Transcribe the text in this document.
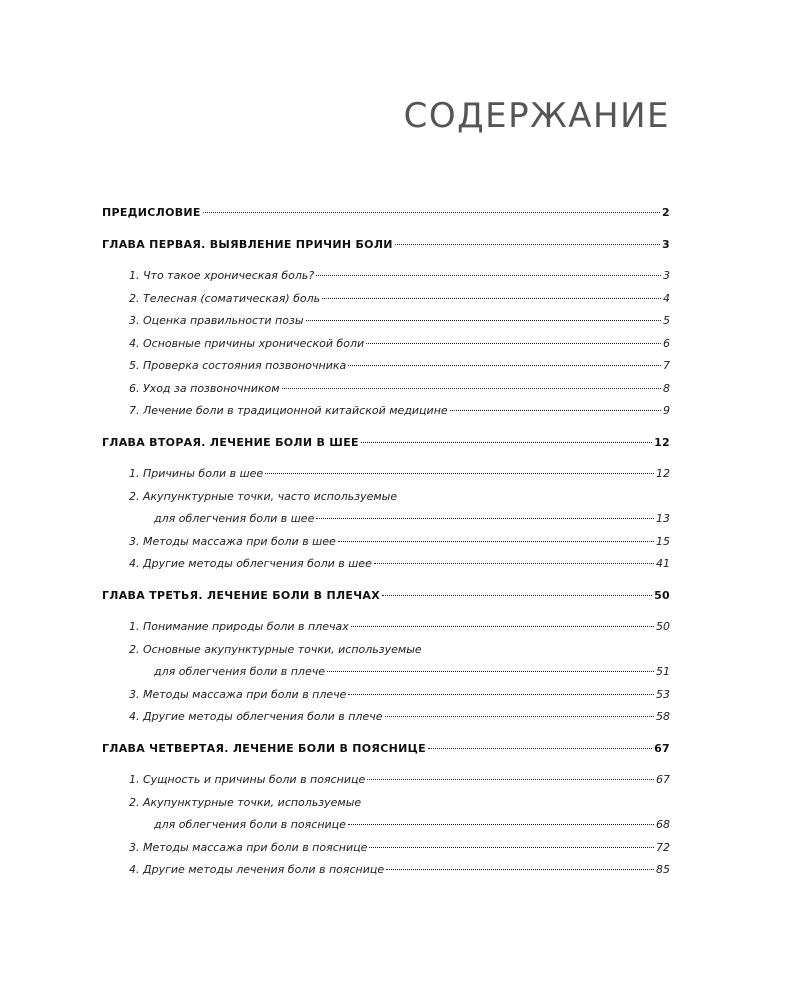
СОДЕРЖАНИЕ
ПРЕДИСЛОВИЕ	2
ГЛАВА ПЕРВАЯ. ВЫЯВЛЕНИЕ ПРИЧИН БОЛИ	3
1. Что такое хроническая боль?	3
2. Телесная (соматическая) боль	4
3. Оценка правильности позы	5
4. Основные причины хронической боли	6
5. Проверка состояния позвоночника	7
6. Уход за позвоночником	8
7. Лечение боли в традиционной китайской медицине	9
ГЛАВА ВТОРАЯ. ЛЕЧЕНИЕ БОЛИ В ШЕЕ	12
1. Причины боли в шее	12
2. Акупунктурные точки, часто используемые
для облегчения боли в шее	13
3. Методы массажа при боли в шее	15
4. Другие методы облегчения боли в шее	41
ГЛАВА ТРЕТЬЯ. ЛЕЧЕНИЕ БОЛИ В ПЛЕЧАХ	50
1. Понимание природы боли в плечах	50
2. Основные акупунктурные точки, используемые
для облегчения боли в плече	51
3. Методы массажа при боли в плече	53
4. Другие методы облегчения боли в плече	58
ГЛАВА ЧЕТВЕРТАЯ. ЛЕЧЕНИЕ БОЛИ В ПОЯСНИЦЕ	67
1. Сущность и причины боли в пояснице	67
2. Акупунктурные точки, используемые
для облегчения боли в пояснице	68
3. Методы массажа при боли в пояснице	72
4. Другие методы лечения боли в пояснице	85
